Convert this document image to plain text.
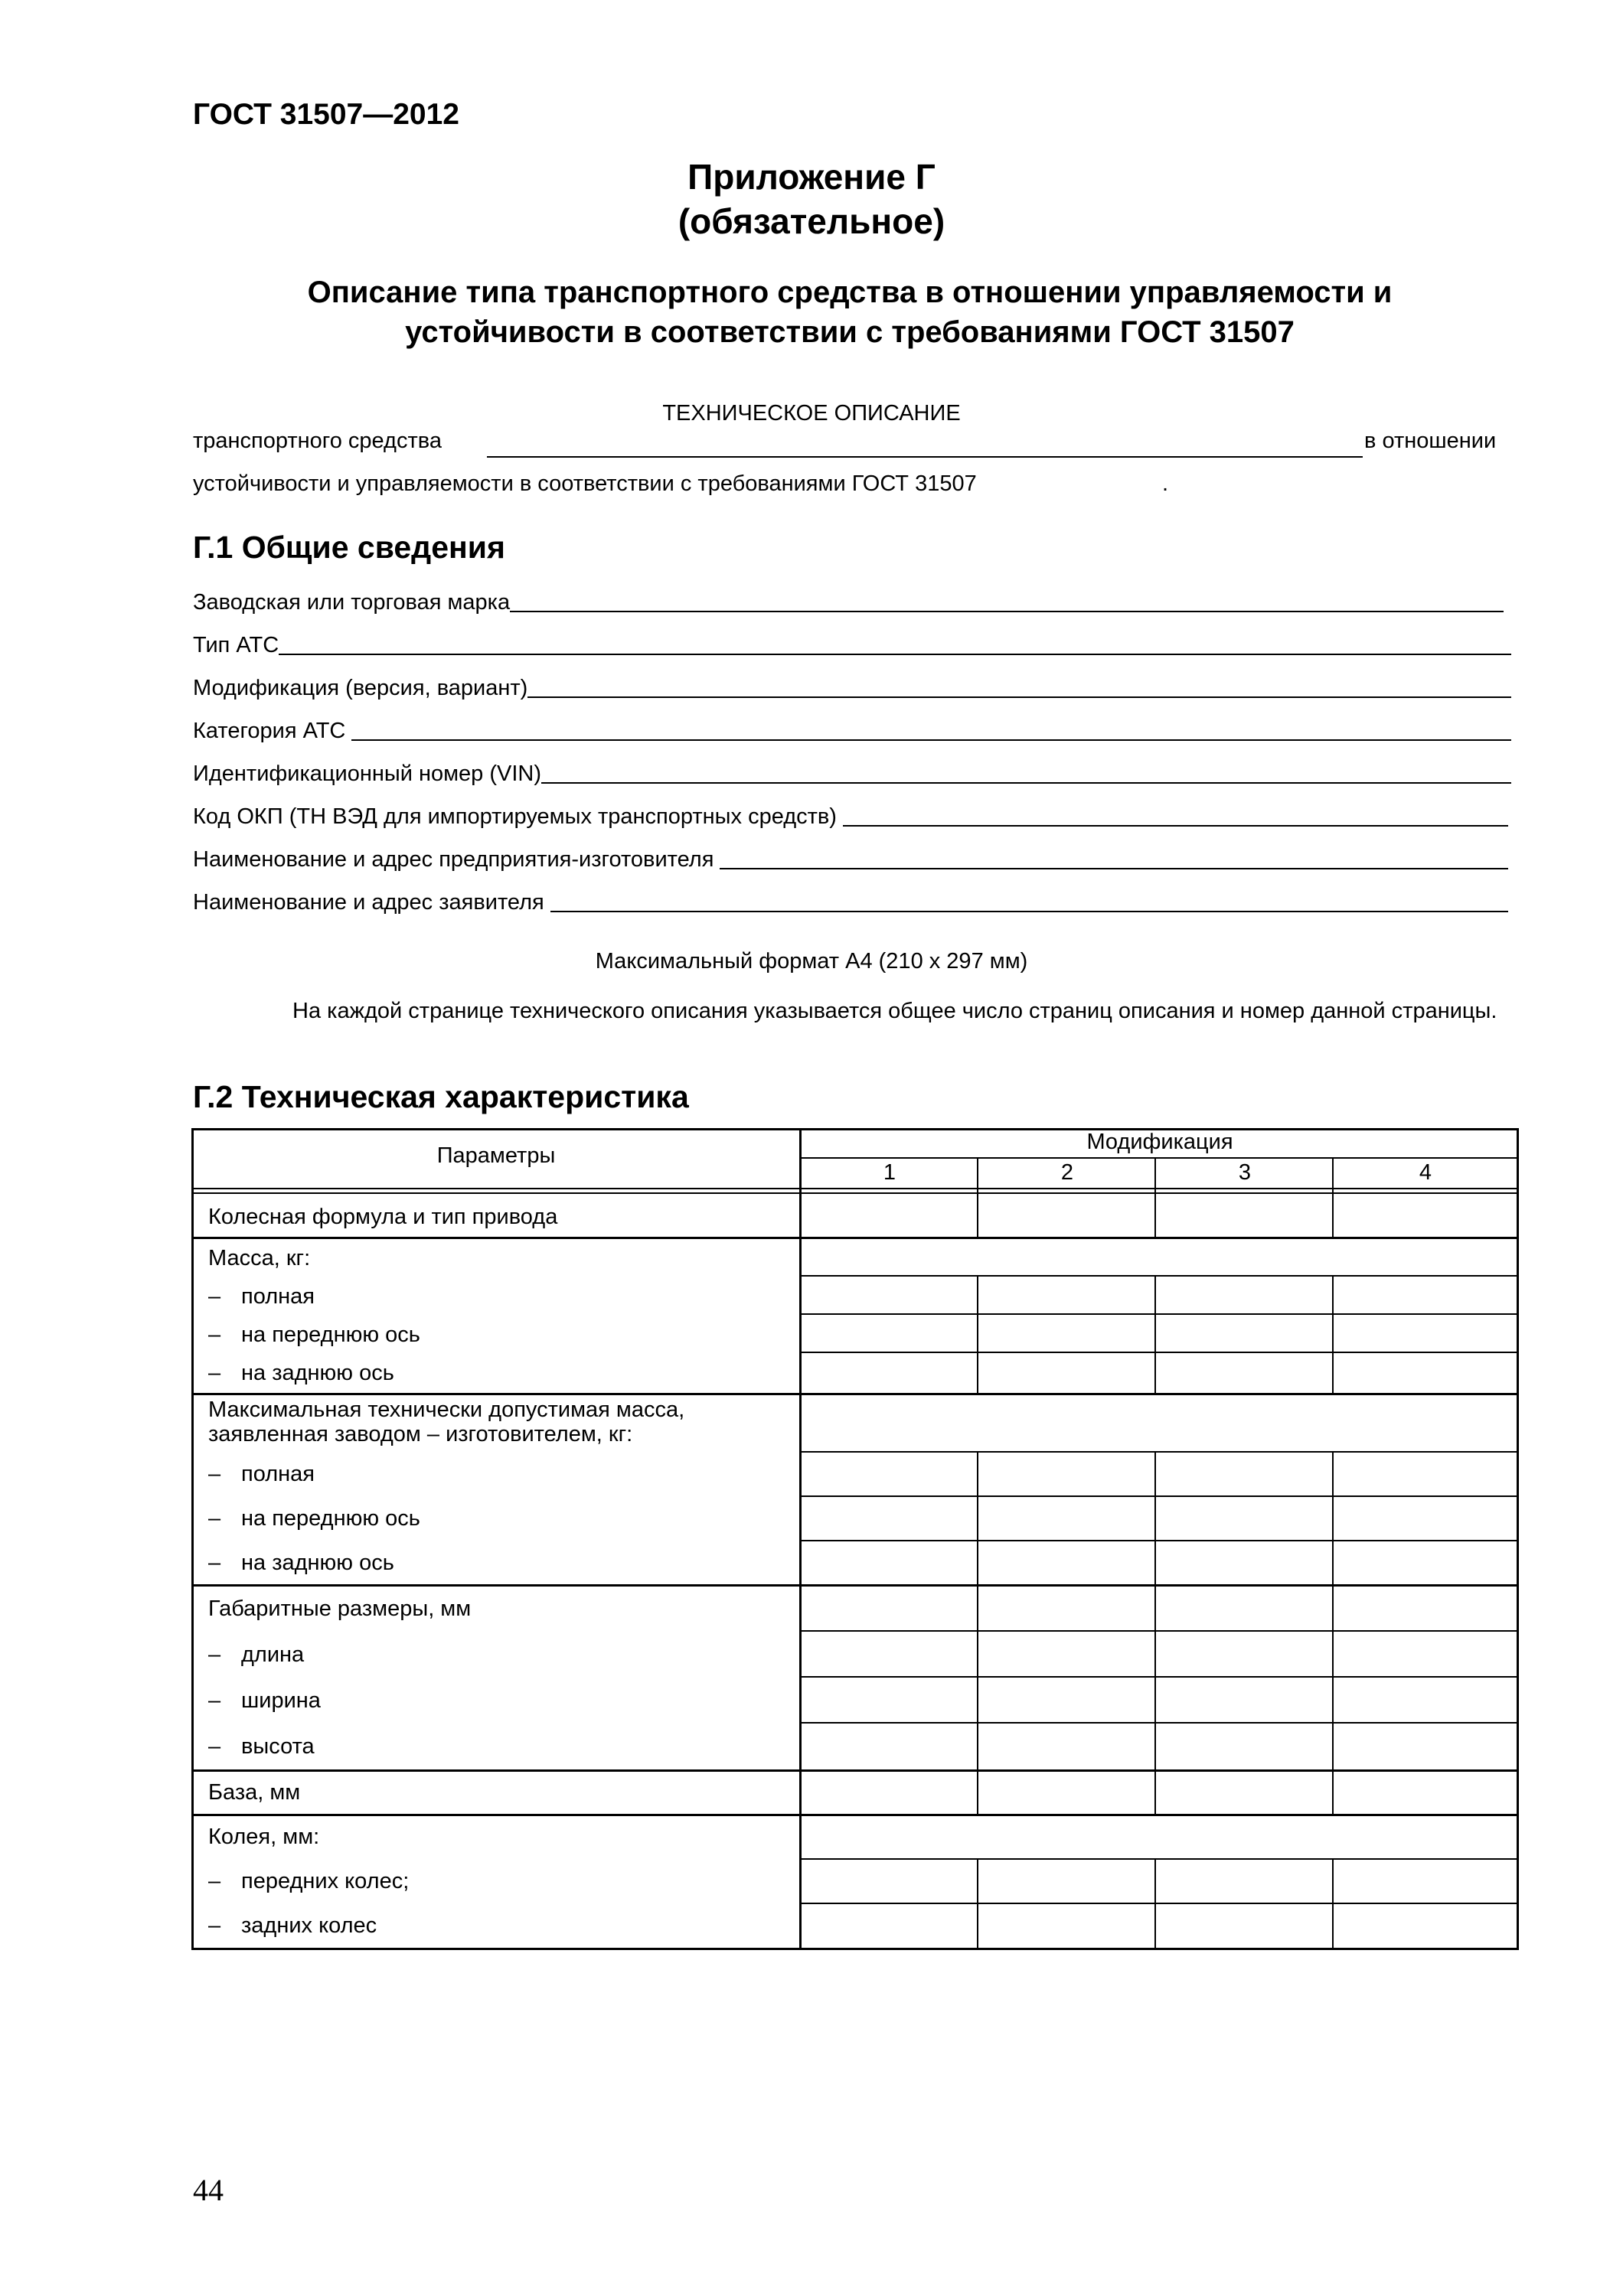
ГОСТ 31507—2012
Приложение Г
(обязательное)
Описание типа транспортного средства в отношении управляемости и
устойчивости в соответствии с требованиями ГОСТ 31507
ТЕХНИЧЕСКОЕ ОПИСАНИЕ
транспортного средства	в отношении
устойчивости и управляемости в соответствии с требованиями ГОСТ 31507	.
Г.1 Общие сведения
Заводская или торговая марка
Тип АТС
Модификация (версия, вариант)
Категория АТС
Идентификационный номер (VIN)
Код ОКП (ТН ВЭД для импортируемых транспортных средств)
Наименование и адрес предприятия-изготовителя
Наименование и адрес заявителя
Максимальный формат А4 (210 x 297 мм)
На каждой странице технического описания указывается общее число страниц описания и номер данной страницы.
Г.2 Техническая характеристика
Параметры
Модификация
1	2	3	4
Колесная формула и тип привода
Масса, кг:
– полная
– на переднюю ось
– на заднюю ось
Максимальная технически допустимая масса,
заявленная заводом – изготовителем, кг:
– полная
– на переднюю ось
– на заднюю ось
Габаритные размеры, мм
– длина
– ширина
– высота
База, мм
Колея, мм:
– передних колес;
– задних колес
44
